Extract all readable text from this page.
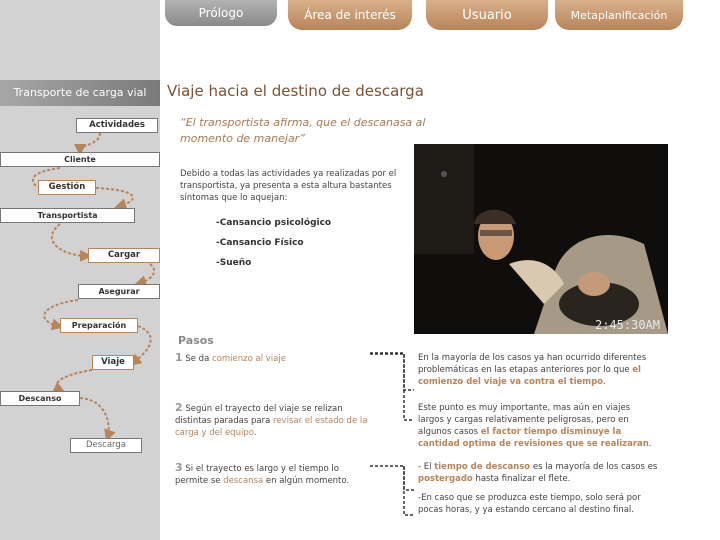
Prólogo	Área de interés	Usuario	Metaplanificación
Transporte de carga vial
Actividades
Cliente
Gestión
Transportista
Cargar
Asegurar
Preparación
Viaje
Descanso
Descarga
Viaje hacia el destino de descarga
“El transportista afirma, que el descanasa al momento de manejar”
Debido a todas las actividades ya realizadas por el transportista, ya presenta a esta altura bastantes síntomas que lo aquejan:
-Cansancio psicológico
-Cansancio Físico
-Sueño
2:45:30AM
Pasos
1 Se da comienzo al viaje
2 Según el trayecto del viaje se relizan distintas paradas para revisar el estado de la carga y del equipo.
3 Si el trayecto es largo y el tiempo lo permite se descansa en algún momento.
En la mayoría de los casos ya han ocurrido diferentes problemáticas en las etapas anteriores por lo que el comienzo del viaje va contra el tiempo.
Este punto es muy importante, mas aún en viajes largos y cargas relativamente peligrosas, pero en algunos casos el factor tiempo disminuye la cantidad optima de revisiones que se realizaran.
- El tiempo de descanso es la mayoría de los casos es postergado hasta finalizar el flete.
-En caso que se produzca este tiempo, solo será por pocas horas, y ya estando cercano al destino final.
